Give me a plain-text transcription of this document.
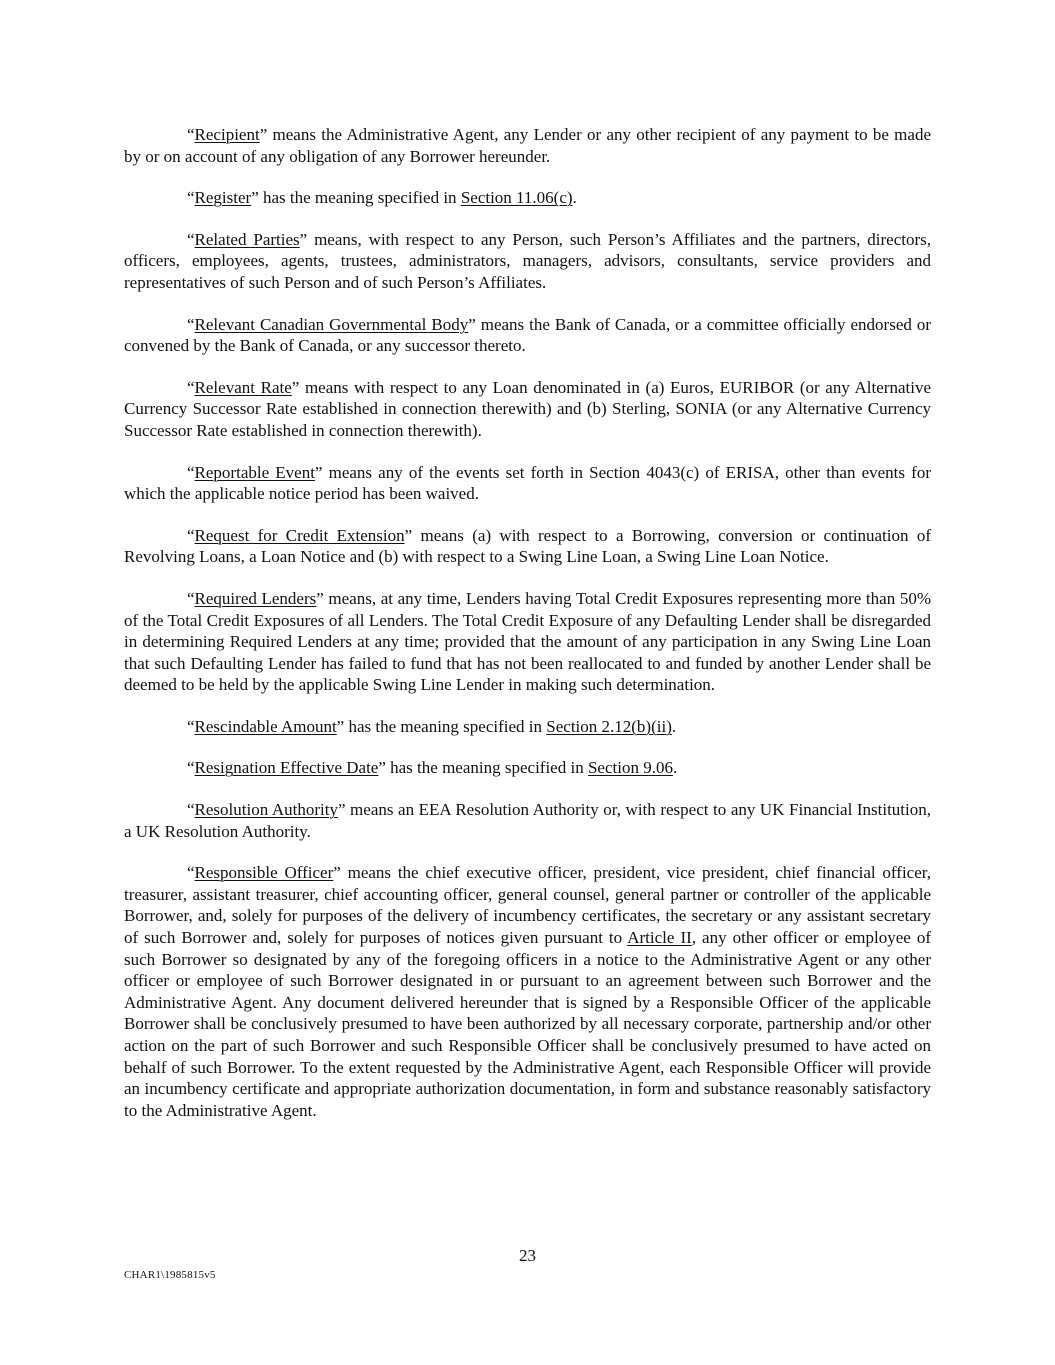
“Recipient” means the Administrative Agent, any Lender or any other recipient of any payment to be made by or on account of any obligation of any Borrower hereunder.

“Register” has the meaning specified in Section 11.06(c).

“Related Parties” means, with respect to any Person, such Person’s Affiliates and the partners, directors, officers, employees, agents, trustees, administrators, managers, advisors, consultants, service providers and representatives of such Person and of such Person’s Affiliates.

“Relevant Canadian Governmental Body” means the Bank of Canada, or a committee officially endorsed or convened by the Bank of Canada, or any successor thereto.

“Relevant Rate” means with respect to any Loan denominated in (a) Euros, EURIBOR (or any Alternative Currency Successor Rate established in connection therewith) and (b) Sterling, SONIA (or any Alternative Currency Successor Rate established in connection therewith).

“Reportable Event” means any of the events set forth in Section 4043(c) of ERISA, other than events for which the applicable notice period has been waived.

“Request for Credit Extension” means (a) with respect to a Borrowing, conversion or continuation of Revolving Loans, a Loan Notice and (b) with respect to a Swing Line Loan, a Swing Line Loan Notice.

“Required Lenders” means, at any time, Lenders having Total Credit Exposures representing more than 50% of the Total Credit Exposures of all Lenders. The Total Credit Exposure of any Defaulting Lender shall be disregarded in determining Required Lenders at any time; provided that the amount of any participation in any Swing Line Loan that such Defaulting Lender has failed to fund that has not been reallocated to and funded by another Lender shall be deemed to be held by the applicable Swing Line Lender in making such determination.

“Rescindable Amount” has the meaning specified in Section 2.12(b)(ii).

“Resignation Effective Date” has the meaning specified in Section 9.06.

“Resolution Authority” means an EEA Resolution Authority or, with respect to any UK Financial Institution, a UK Resolution Authority.

“Responsible Officer” means the chief executive officer, president, vice president, chief financial officer, treasurer, assistant treasurer, chief accounting officer, general counsel, general partner or controller of the applicable Borrower, and, solely for purposes of the delivery of incumbency certificates, the secretary or any assistant secretary of such Borrower and, solely for purposes of notices given pursuant to Article II, any other officer or employee of such Borrower so designated by any of the foregoing officers in a notice to the Administrative Agent or any other officer or employee of such Borrower designated in or pursuant to an agreement between such Borrower and the Administrative Agent. Any document delivered hereunder that is signed by a Responsible Officer of the applicable Borrower shall be conclusively presumed to have been authorized by all necessary corporate, partnership and/or other action on the part of such Borrower and such Responsible Officer shall be conclusively presumed to have acted on behalf of such Borrower. To the extent requested by the Administrative Agent, each Responsible Officer will provide an incumbency certificate and appropriate authorization documentation, in form and substance reasonably satisfactory to the Administrative Agent.

23
CHAR1\1985815v5
